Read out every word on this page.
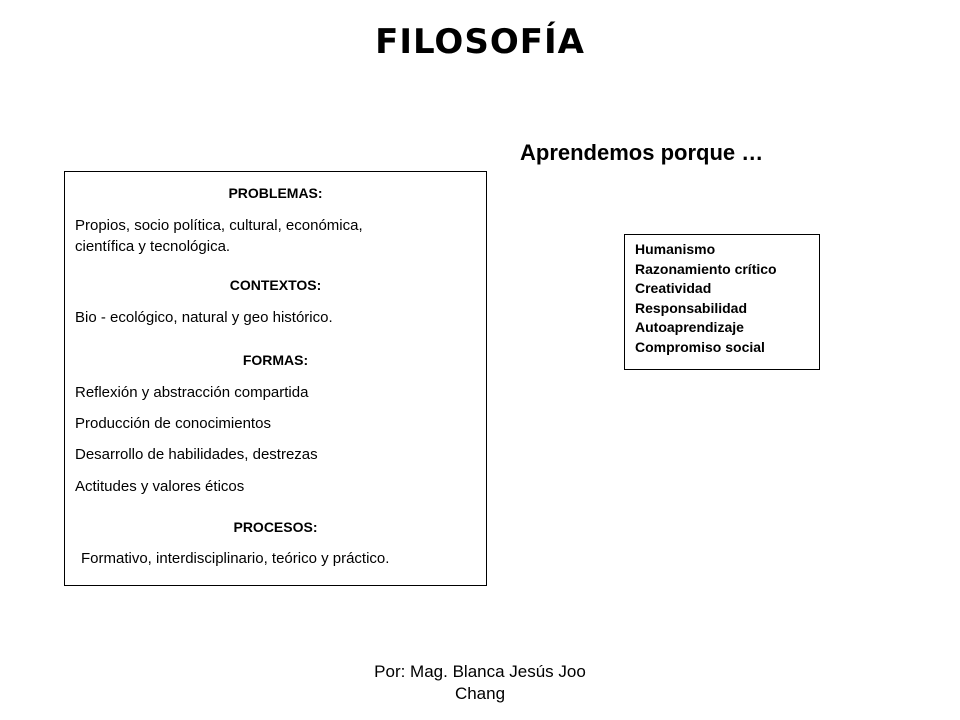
FILOSOFÍA
Aprendemos porque …
PROBLEMAS:
Propios, socio política, cultural, económica,
científica y tecnológica.
CONTEXTOS:
Bio - ecológico, natural y geo histórico.
FORMAS:
Reflexión y abstracción compartida
Producción de conocimientos
Desarrollo de habilidades, destrezas
Actitudes y valores éticos
PROCESOS:
Formativo, interdisciplinario, teórico y práctico.
Humanismo
Razonamiento crítico
Creatividad
Responsabilidad
Autoaprendizaje
Compromiso social
Por: Mag. Blanca Jesús Joo
Chang
